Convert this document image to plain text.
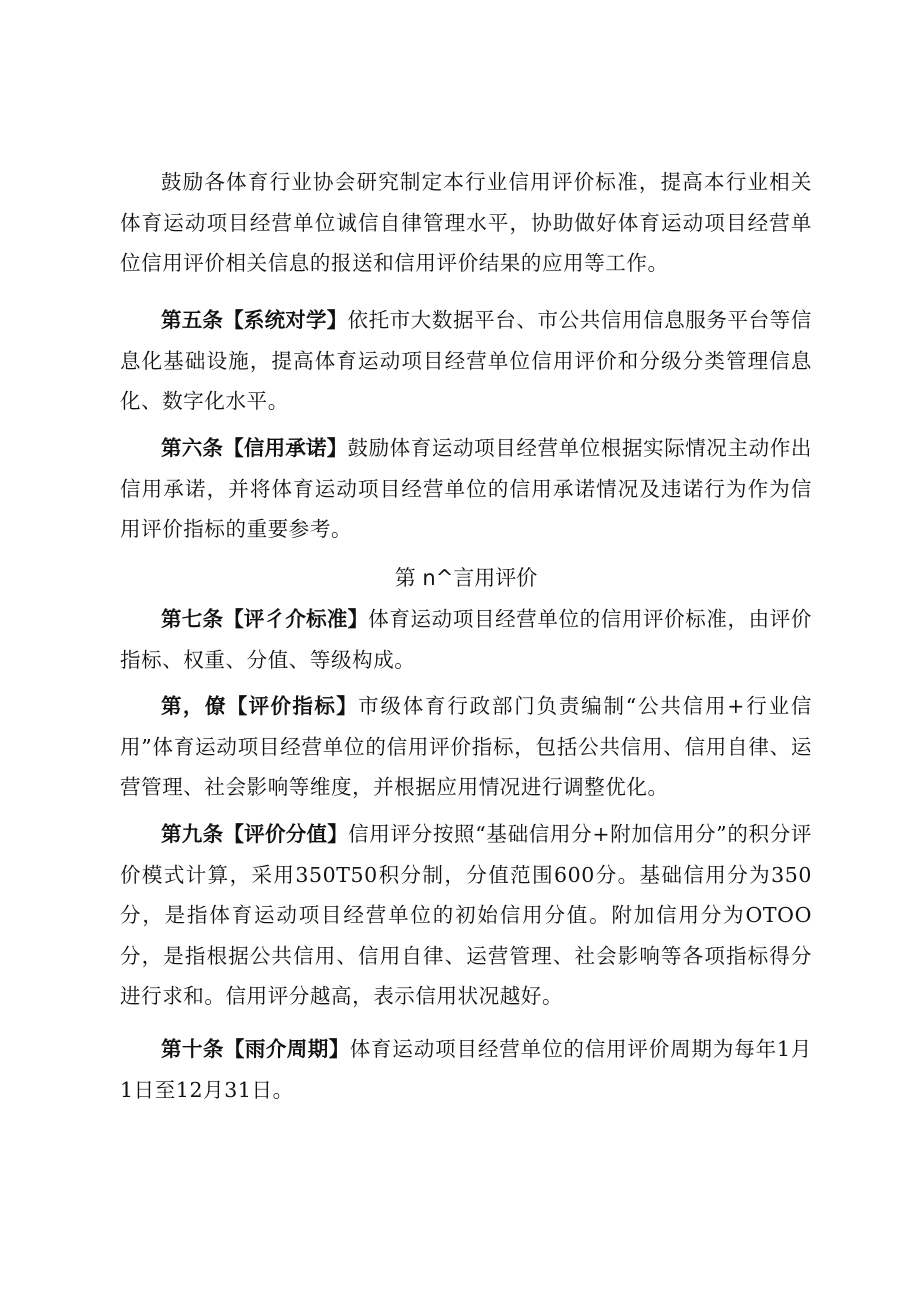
鼓励各体育行业协会研究制定本行业信用评价标准，提高本行业相关体育运动项目经营单位诚信自律管理水平，协助做好体育运动项目经营单位信用评价相关信息的报送和信用评价结果的应用等工作。

第五条【系统对学】依托市大数据平台、市公共信用信息服务平台等信息化基础设施，提高体育运动项目经营单位信用评价和分级分类管理信息化、数字化水平。

第六条【信用承诺】鼓励体育运动项目经营单位根据实际情况主动作出信用承诺，并将体育运动项目经营单位的信用承诺情况及违诺行为作为信用评价指标的重要参考。

第 n^言用评价

第七条【评彳介标准】体育运动项目经营单位的信用评价标准，由评价指标、权重、分值、等级构成。

第，僚【评价指标】市级体育行政部门负责编制“公共信用+行业信用”体育运动项目经营单位的信用评价指标，包括公共信用、信用自律、运营管理、社会影响等维度，并根据应用情况进行调整优化。

第九条【评价分值】信用评分按照“基础信用分+附加信用分”的积分评价模式计算，采用350T50积分制，分值范围600分。基础信用分为350分，是指体育运动项目经营单位的初始信用分值。附加信用分为OTOO分，是指根据公共信用、信用自律、运营管理、社会影响等各项指标得分进行求和。信用评分越高，表示信用状况越好。

第十条【雨介周期】体育运动项目经营单位的信用评价周期为每年1月1日至12月31日。
